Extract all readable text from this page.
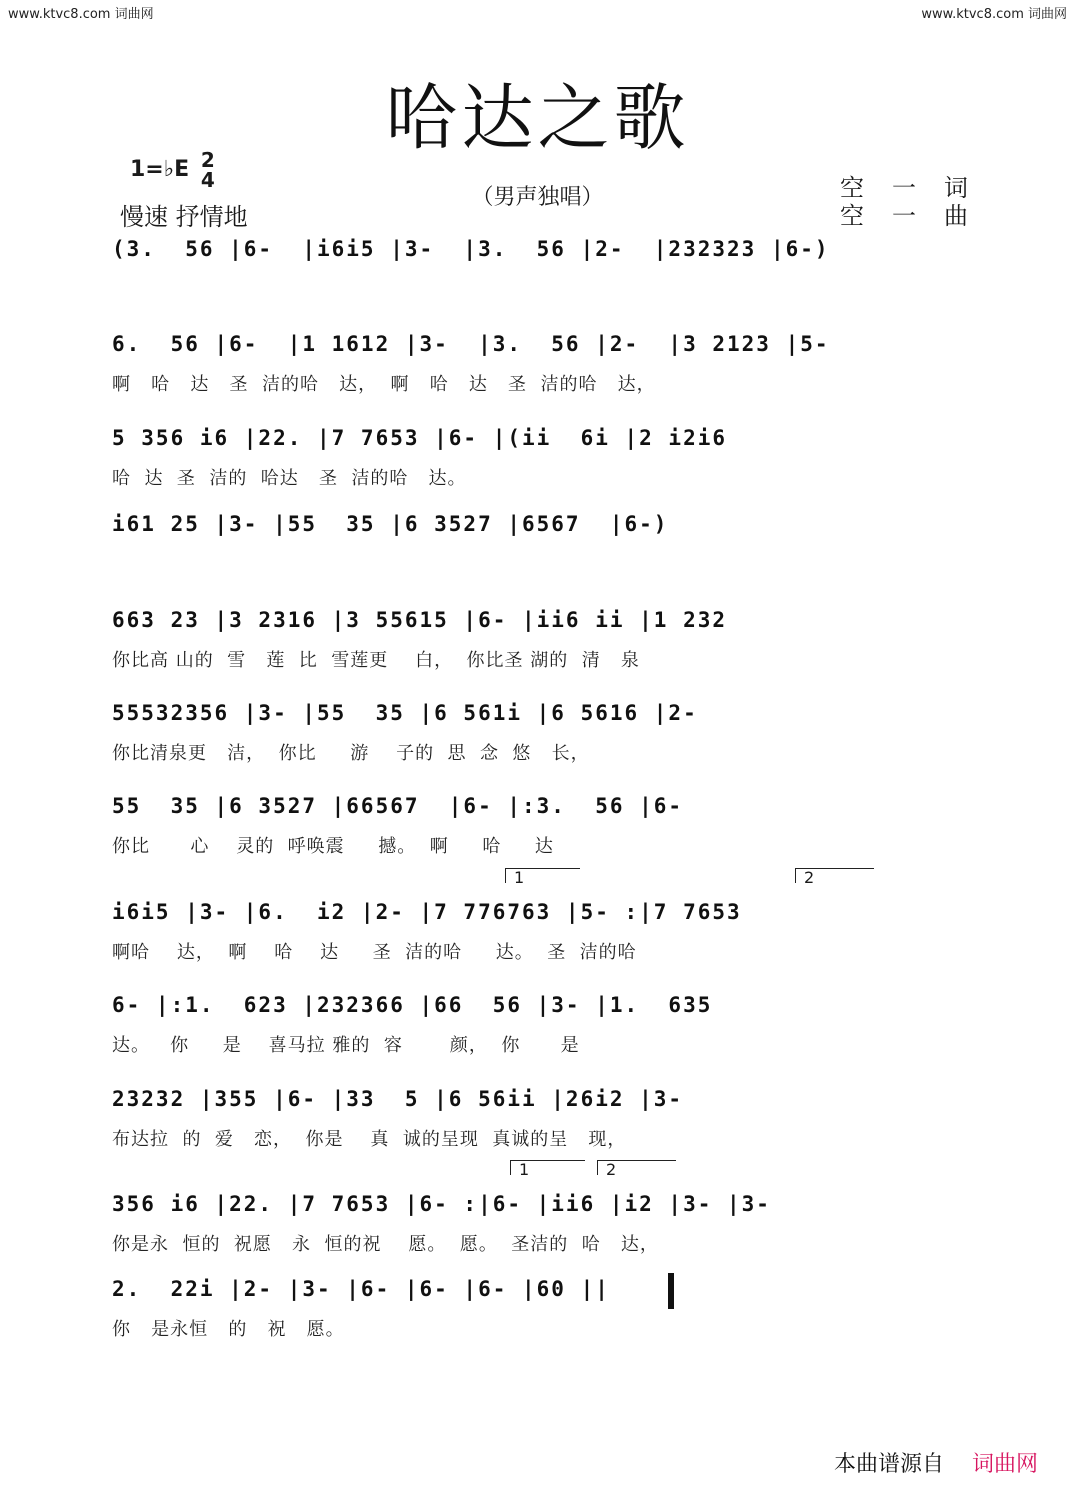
www.ktvc8.com 词曲网	www.ktvc8.com 词曲网
哈达之歌
1=♭E 2
4
慢速 抒情地
（男声独唱）	空一词
空一曲
(3.  56 |6-  |i6i5 |3-  |3.  56 |2-  |232323 |6-)
6.  56 |6-  |1 1612 |3-  |3.  56 |2-  |3 2123 |5-
啊   哈   达   圣  洁的哈   达，  啊   哈   达   圣  洁的哈   达，
5 356 i6 |22. |7 7653 |6- |(ii  6i |2 i2i6
哈  达  圣  洁的  哈达   圣  洁的哈   达。
i61 25 |3- |55  35 |6 3527 |6567  |6-)
663 23 |3 2316 |3 55615 |6- |ii6 ii |1 232
你比高 山的  雪   莲  比  雪莲更    白，  你比圣 湖的  清   泉
55532356 |3- |55  35 |6 561i |6 5616 |2-
你比清泉更   洁，  你比     游    子的  思  念  悠   长，
55  35 |6 3527 |66567  |6- |:3.  56 |6-
你比      心    灵的  呼唤震     撼。  啊     哈     达
1	2
i6i5 |3- |6.  i2 |2- |7 776763 |5- :|7 7653
啊哈    达，  啊    哈    达     圣  洁的哈     达。  圣  洁的哈
6- |:1.  623 |232366 |66  56 |3- |1.  635
达。   你     是    喜马拉 雅的  容       颜，  你      是
23232 |355 |6- |33  5 |6 56ii |26i2 |3-
布达拉  的  爱   恋，  你是    真  诚的呈现  真诚的呈   现，
1	2
356 i6 |22. |7 7653 |6- :|6- |ii6 |i2 |3- |3-
你是永  恒的  祝愿   永  恒的祝    愿。  愿。  圣洁的  哈   达，
2.  22i |2- |3- |6- |6- |6- |60 ||
你   是永恒   的   祝   愿。
本曲谱源自 词曲网
